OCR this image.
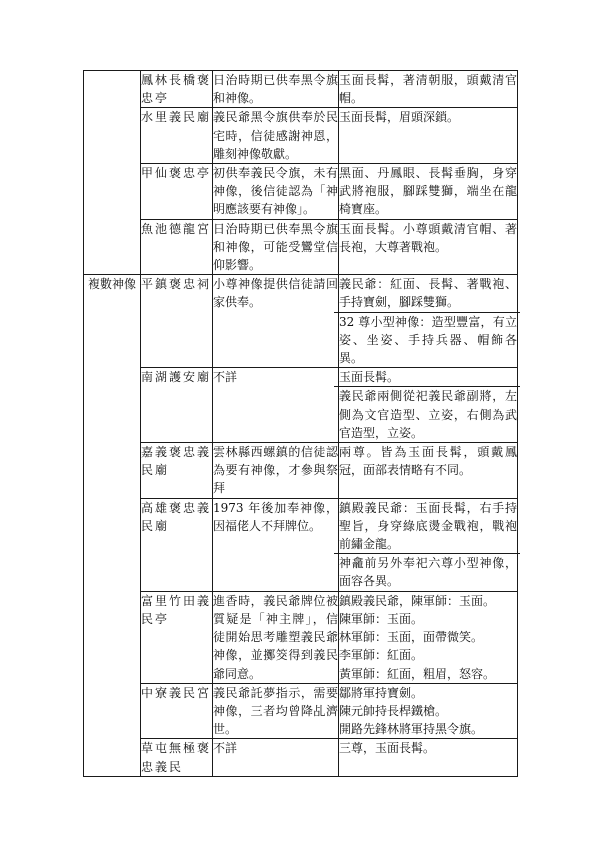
	鳳林長橋褒忠亭	日治時期已供奉黑令旗和神像。	玉面長髯，著清朝服，頭戴清官帽。

	水里義民廟	義民爺黑令旗供奉於民宅時，信徒感謝神恩，雕刻神像敬獻。	玉面長髯，眉頭深鎖。

	甲仙褒忠亭	初供奉義民令旗，未有神像，後信徒認為「神明應該要有神像」。	黑面、丹鳳眼、長髯垂胸，身穿武將袍服，腳踩雙獅，端坐在龍椅寶座。

	魚池德龍宮	日治時期已供奉黑令旗和神像，可能受鸞堂信仰影響。	玉面長髯。小尊頭戴清官帽、著長袍，大尊著戰袍。

複數神像	平鎮褒忠祠	小尊神像提供信徒請回家供奉。	義民爺：紅面、長髯、著戰袍、手持寶劍，腳踩雙獅。
32 尊小型神像：造型豐富，有立姿、坐姿、手持兵器、帽飾各異。

	南湖護安廟	不詳	玉面長髯。
義民爺兩側從祀義民爺副將，左側為文官造型、立姿，右側為武官造型，立姿。

	嘉義褒忠義民廟	雲林縣西螺鎮的信徒認為要有神像，才參與祭拜	兩尊。皆為玉面長髯，頭戴鳳冠，面部表情略有不同。

	高雄褒忠義民廟	1973 年後加奉神像，因福佬人不拜牌位。	鎮殿義民爺：玉面長髯，右手持聖旨，身穿綠底燙金戰袍，戰袍前繡金龍。
神龕前另外奉祀六尊小型神像，面容各異。

	富里竹田義民亭	進香時，義民爺牌位被質疑是「神主牌」，信徒開始思考雕塑義民爺神像，並擲筊得到義民爺同意。	鎮殿義民爺，陳軍師：玉面。
陳軍師：玉面。
林軍師：玉面，面帶微笑。
李軍師：紅面。
黃軍師：紅面，粗眉，怒容。

	中寮義民宮	義民爺託夢指示，需要神像，三者均曾降乩濟世。	鄒將軍持寶劍。
陳元帥持長桿鐵槍。
開路先鋒林將軍持黑令旗。

	草屯無極褒忠義民	不詳	三尊，玉面長髯。
